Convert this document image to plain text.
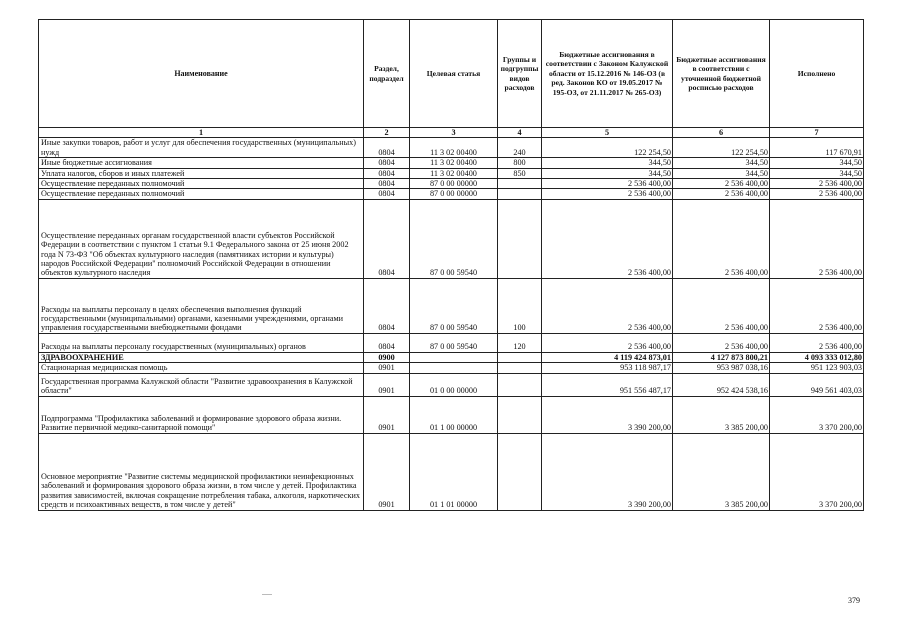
Наименование	Раздел, подраздел	Целевая статья	Группы и подгруппы видов расходов	Бюджетные ассигнования в соответствии с Законом Калужской области от 15.12.2016 № 146-ОЗ (в ред. Законов КО от 19.05.2017 № 195-ОЗ, от 21.11.2017 № 265-ОЗ)	Бюджетные ассигнования в соответствии с уточненной бюджетной росписью расходов	Исполнено
1	2	3	4	5	6	7
Иные закупки товаров, работ и услуг для обеспечения государственных (муниципальных) нужд	0804	11 3 02 00400	240	122 254,50	122 254,50	117 670,91
Иные бюджетные ассигнования	0804	11 3 02 00400	800	344,50	344,50	344,50
Уплата налогов, сборов и иных платежей	0804	11 3 02 00400	850	344,50	344,50	344,50
Осуществление переданных полномочий	0804	87 0 00 00000		2 536 400,00	2 536 400,00	2 536 400,00
Осуществление переданных полномочий	0804	87 0 00 00000		2 536 400,00	2 536 400,00	2 536 400,00
Осуществление переданных органам государственной власти субъектов Российской Федерации в соответствии с пунктом 1 статьи 9.1 Федерального закона от 25 июня 2002 года N 73-ФЗ "Об объектах культурного наследия (памятниках истории и культуры) народов Российской Федерации" полномочий Российской Федерации в отношении объектов культурного наследия	0804	87 0 00 59540		2 536 400,00	2 536 400,00	2 536 400,00
Расходы на выплаты персоналу в целях обеспечения выполнения функций государственными (муниципальными) органами, казенными учреждениями, органами управления государственными внебюджетными фондами	0804	87 0 00 59540	100	2 536 400,00	2 536 400,00	2 536 400,00
Расходы на выплаты персоналу государственных (муниципальных) органов	0804	87 0 00 59540	120	2 536 400,00	2 536 400,00	2 536 400,00
ЗДРАВООХРАНЕНИЕ	0900			4 119 424 873,01	4 127 873 800,21	4 093 333 012,80
Стационарная медицинская помощь	0901			953 118 987,17	953 987 038,16	951 123 903,03
Государственная программа Калужской области "Развитие здравоохранения в Калужской области"	0901	01 0 00 00000		951 556 487,17	952 424 538,16	949 561 403,03
Подпрограмма "Профилактика заболеваний и формирование здорового образа жизни. Развитие первичной медико-санитарной помощи"	0901	01 1 00 00000		3 390 200,00	3 385 200,00	3 370 200,00
Основное мероприятие "Развитие системы медицинской профилактики неинфекционных заболеваний и формирования здорового образа жизни, в том числе у детей. Профилактика развития зависимостей, включая сокращение потребления табака, алкоголя, наркотических средств и психоактивных веществ, в том числе у детей"	0901	01 1 01 00000		3 390 200,00	3 385 200,00	3 370 200,00
379
